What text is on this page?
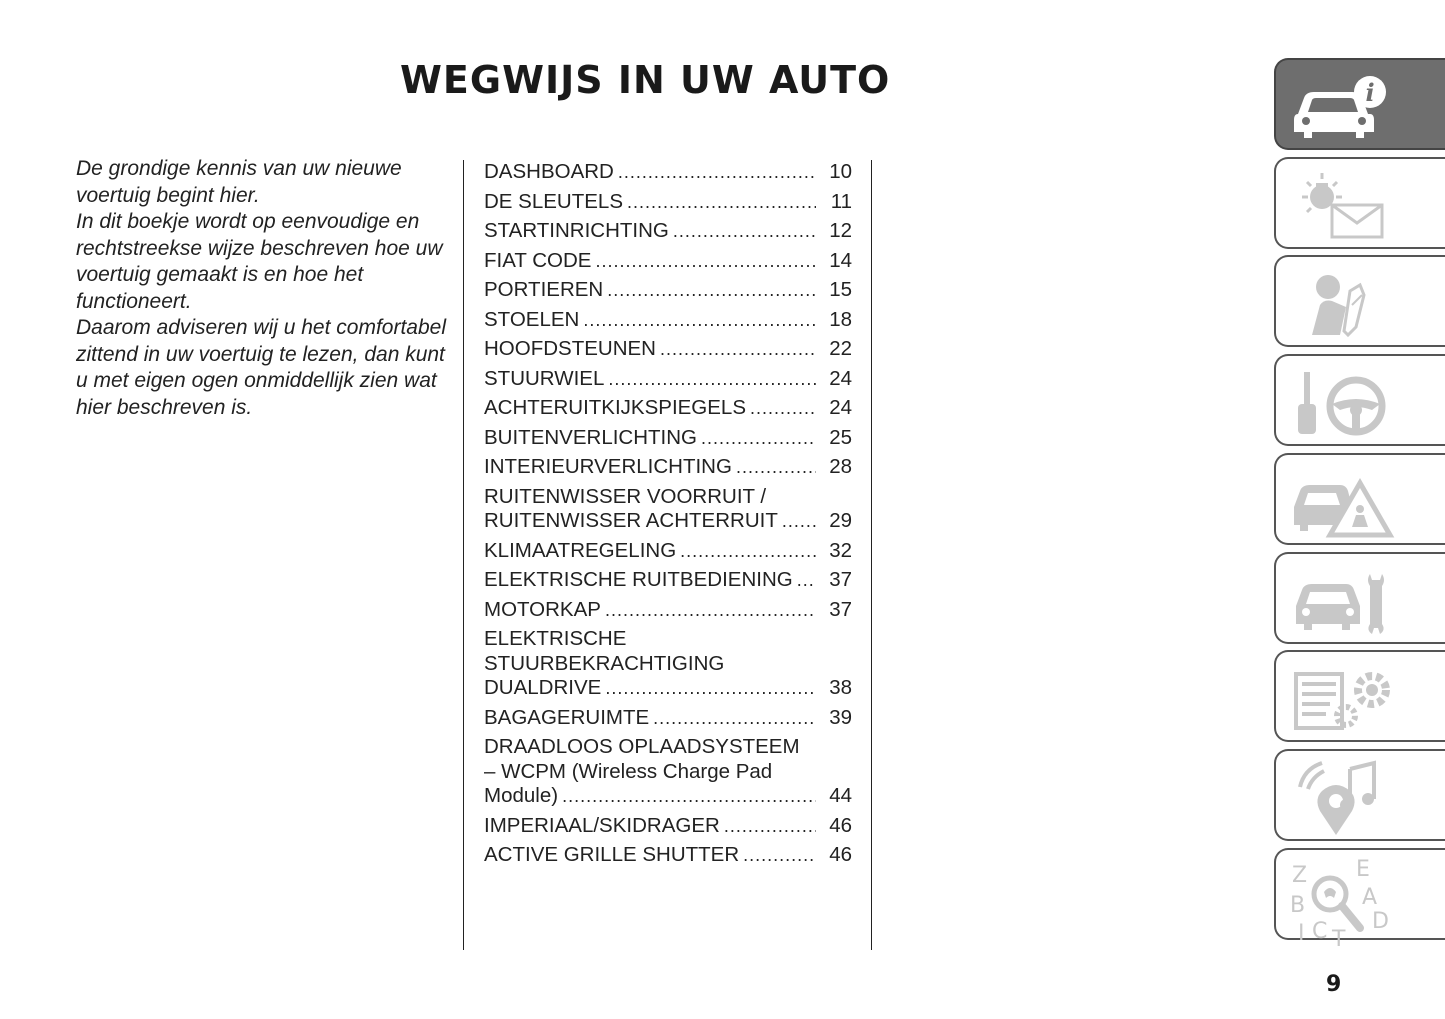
WEGWIJS IN UW AUTO

De grondige kennis van uw nieuwe voertuig begint hier.

In dit boekje wordt op eenvoudige en rechtstreekse wijze beschreven hoe uw voertuig gemaakt is en hoe het functioneert.

Daarom adviseren wij u het comfortabel zittend in uw voertuig te lezen, dan kunt u met eigen ogen onmiddellijk zien wat hier beschreven is.

DASHBOARD .....	10
DE SLEUTELS .....	11
STARTINRICHTING .....	12
FIAT CODE .....	14
PORTIEREN .....	15
STOELEN .....	18
HOOFDSTEUNEN .....	22
STUURWIEL .....	24
ACHTERUITKIJKSPIEGELS .....	24
BUITENVERLICHTING .....	25
INTERIEURVERLICHTING .....	28
RUITENWISSER VOORRUIT /
RUITENWISSER ACHTERRUIT .....	29
KLIMAATREGELING .....	32
ELEKTRISCHE RUITBEDIENING ..... 37
MOTORKAP .....	37
ELEKTRISCHE
STUURBEKRACHTIGING
DUALDRIVE .....	38
BAGAGERUIMTE .....	39
DRAADLOOS OPLAADSYSTEEM
– WCPM (Wireless Charge Pad
Module) .....	44
IMPERIAAL/SKIDRAGER .....	46
ACTIVE GRILLE SHUTTER .....	46
i
Z E
B	A
I C T
D
9
